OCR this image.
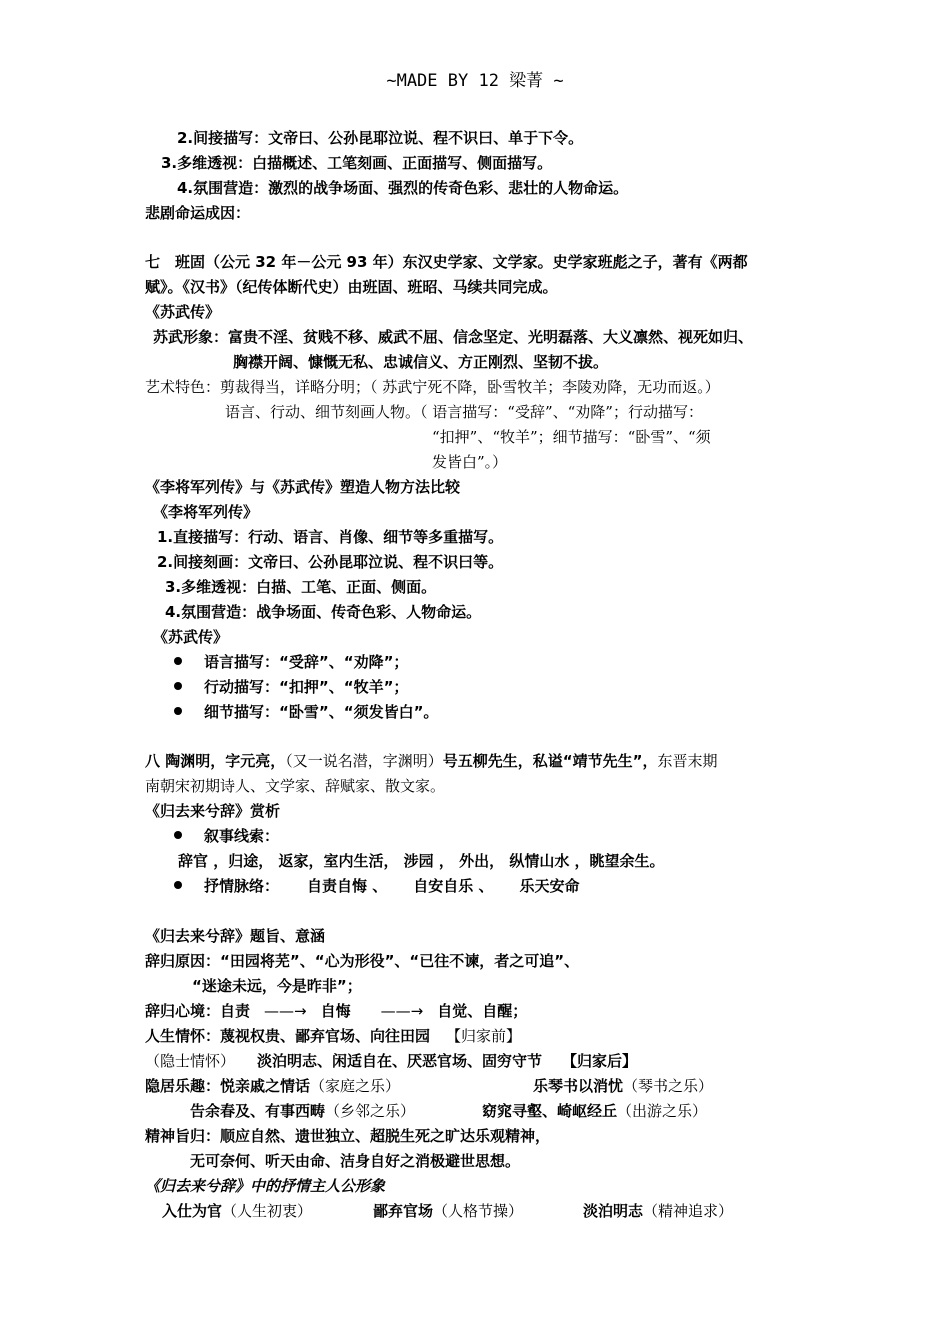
~MADE BY 12 梁菁 ~
2.间接描写：文帝曰、公孙昆耶泣说、程不识曰、单于下令。
3.多维透视：白描概述、工笔刻画、正面描写、侧面描写。
4.氛围营造：激烈的战争场面、强烈的传奇色彩、悲壮的人物命运。
悲剧命运成因：
七　班固（公元 32 年－公元 93 年）东汉史学家、文学家。史学家班彪之子，著有《两都
赋》。《汉书》（纪传体断代史）由班固、班昭、马续共同完成。
《苏武传》
苏武形象：富贵不淫、贫贱不移、威武不屈、信念坚定、光明磊落、大义凛然、视死如归、
胸襟开阔、慷慨无私、忠诚信义、方正刚烈、坚韧不拔。
艺术特色：剪裁得当，详略分明；（ 苏武宁死不降，卧雪牧羊；李陵劝降，无功而返。）
语言、行动、细节刻画人物。（ 语言描写：“受辞”、“劝降”；行动描写：
“扣押”、“牧羊”；细节描写：“卧雪”、“须
发皆白”。）
《李将军列传》与《苏武传》塑造人物方法比较
《李将军列传》
1.直接描写：行动、语言、肖像、细节等多重描写。
2.间接刻画：文帝曰、公孙昆耶泣说、程不识曰等。
3.多维透视：白描、工笔、正面、侧面。
4.氛围营造：战争场面、传奇色彩、人物命运。
《苏武传》
语言描写：“受辞”、“劝降”；
行动描写：“扣押”、“牧羊”；
细节描写：“卧雪”、“须发皆白”。
八 陶渊明，字元亮，（又一说名潜，字渊明）号五柳先生，私谥“靖节先生”，东晋末期
南朝宋初期诗人、文学家、辞赋家、散文家。
《归去来兮辞》赏析
叙事线索：
辞官 ，归途， 返家，室内生活， 涉园 ， 外出， 纵情山水 ，眺望余生。
抒情脉络： 自责自悔 、 自安自乐 、 乐天安命
《归去来兮辞》题旨、意涵
辞归原因：“田园将芜”、“心为形役”、“已往不谏，者之可追”、
“迷途未远，今是昨非”；
辞归心境：自责 ——→ 自悔 ——→ 自觉、自醒；
人生情怀：蔑视权贵、鄙弃官场、向往田园 【归家前】
（隐士情怀） 淡泊明志、闲适自在、厌恶官场、固穷守节 【归家后】
隐居乐趣：悦亲戚之情话（家庭之乐）	乐琴书以消忧（琴书之乐）
告余春及、有事西畴（乡邻之乐）	窈窕寻壑、崎岖经丘（出游之乐）
精神旨归：顺应自然、遗世独立、超脱生死之旷达乐观精神，
无可奈何、听天由命、洁身自好之消极避世思想。
《归去来兮辞》中的抒情主人公形象
入仕为官（人生初衷）	鄙弃官场（人格节操）	淡泊明志（精神追求）
